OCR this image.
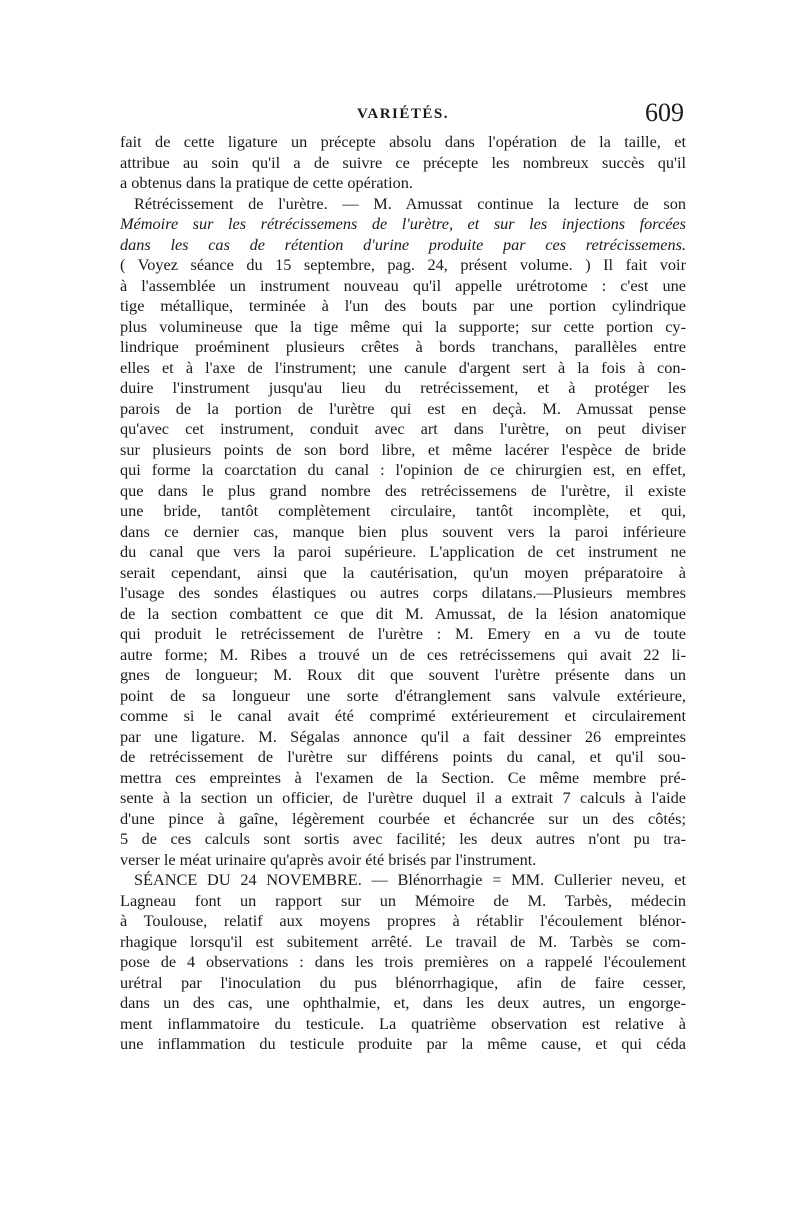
VARIÉTÉS.	609
fait de cette ligature un précepte absolu dans l'opération de la taille, et
attribue au soin qu'il a de suivre ce précepte les nombreux succès qu'il
a obtenus dans la pratique de cette opération.
Rétrécissement de l'urètre. — M. Amussat continue la lecture de son
Mémoire sur les rétrécissemens de l'urètre, et sur les injections forcées
dans les cas de rétention d'urine produite par ces retrécissemens.
( Voyez séance du 15 septembre, pag. 24, présent volume. ) Il fait voir
à l'assemblée un instrument nouveau qu'il appelle urétrotome : c'est une
tige métallique, terminée à l'un des bouts par une portion cylindrique
plus volumineuse que la tige même qui la supporte; sur cette portion cy-
lindrique proéminent plusieurs crêtes à bords tranchans, parallèles entre
elles et à l'axe de l'instrument; une canule d'argent sert à la fois à con-
duire l'instrument jusqu'au lieu du retrécissement, et à protéger les
parois de la portion de l'urètre qui est en deçà. M. Amussat pense
qu'avec cet instrument, conduit avec art dans l'urètre, on peut diviser
sur plusieurs points de son bord libre, et même lacérer l'espèce de bride
qui forme la coarctation du canal : l'opinion de ce chirurgien est, en effet,
que dans le plus grand nombre des retrécissemens de l'urètre, il existe
une bride, tantôt complètement circulaire, tantôt incomplète, et qui,
dans ce dernier cas, manque bien plus souvent vers la paroi inférieure
du canal que vers la paroi supérieure. L'application de cet instrument ne
serait cependant, ainsi que la cautérisation, qu'un moyen préparatoire à
l'usage des sondes élastiques ou autres corps dilatans.—Plusieurs membres
de la section combattent ce que dit M. Amussat, de la lésion anatomique
qui produit le retrécissement de l'urètre : M. Emery en a vu de toute
autre forme; M. Ribes a trouvé un de ces retrécissemens qui avait 22 li-
gnes de longueur; M. Roux dit que souvent l'urètre présente dans un
point de sa longueur une sorte d'étranglement sans valvule extérieure,
comme si le canal avait été comprimé extérieurement et circulairement
par une ligature. M. Ségalas annonce qu'il a fait dessiner 26 empreintes
de retrécissement de l'urètre sur différens points du canal, et qu'il sou-
mettra ces empreintes à l'examen de la Section. Ce même membre pré-
sente à la section un officier, de l'urètre duquel il a extrait 7 calculs à l'aide
d'une pince à gaîne, légèrement courbée et échancrée sur un des côtés;
5 de ces calculs sont sortis avec facilité; les deux autres n'ont pu tra-
verser le méat urinaire qu'après avoir été brisés par l'instrument.
SÉANCE DU 24 NOVEMBRE. — Blénorrhagie = MM. Cullerier neveu, et
Lagneau font un rapport sur un Mémoire de M. Tarbès, médecin
à Toulouse, relatif aux moyens propres à rétablir l'écoulement blénor-
rhagique lorsqu'il est subitement arrêté. Le travail de M. Tarbès se com-
pose de 4 observations : dans les trois premières on a rappelé l'écoulement
urétral par l'inoculation du pus blénorrhagique, afin de faire cesser,
dans un des cas, une ophthalmie, et, dans les deux autres, un engorge-
ment inflammatoire du testicule. La quatrième observation est relative à
une inflammation du testicule produite par la même cause, et qui céda
